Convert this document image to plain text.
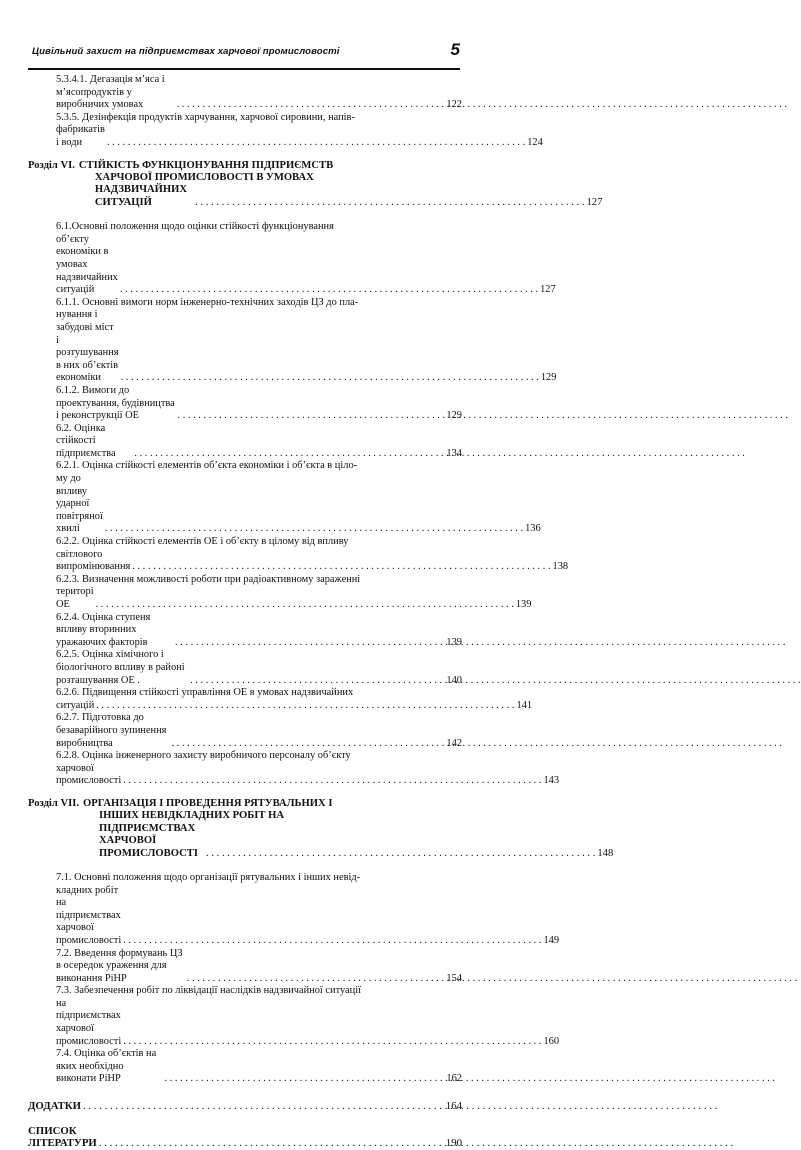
Цивільний захист на підприємствах харчової промисловості	5
5.3.4.1. Дегазація м’яса і м’ясопродуктів у виробничих умовах . . .	122
5.3.5. Дезінфекція продуктів харчування, харчової сировини, напів-
фабрикатів і води . . .	124
Розділ VI. СТІЙКІСТЬ ФУНКЦІОНУВАННЯ ПІДПРИЄМСТВ
ХАРЧОВОЇ ПРОМИСЛОВОСТІ В УМОВАХ
НАДЗВИЧАЙНИХ СИТУАЦІЙ . . .	127
6.1.Основні положення щодо оцінки стійкості функціонування
об’єкту економіки в умовах надзвичайних ситуацій . . .	127
6.1.1. Основні вимоги норм інженерно-технічних заходів ЦЗ до пла-
нування і забудові міст і розтушування в них об’єктів економіки . . .	129
6.1.2. Вимоги до проектування, будівництва і реконструкції ОЕ . . .	129
6.2. Оцінка стійкості підприємства . . .	134
6.2.1. Оцінка стійкості елементів об’єкта економіки і об’єкта в ціло-
му до впливу ударної повітряної хвилі . . .	136
6.2.2. Оцінка стійкості елементів ОЕ і об’єкту в цілому від впливу
світлового випромінювання . . .	138
6.2.3. Визначення можливості роботи при радіоактивному зараженні
територі ОЕ . . .	139
6.2.4. Оцінка ступеня впливу вторинних уражаючих факторів . . .	139
6.2.5. Оцінка хімічного і біологічного впливу в районі розташування ОЕ . . . .	140
6.2.6. Підвищення стійкості управління ОЕ в умовах надзвичайних
ситуацій . . .	141
6.2.7. Підготовка до безаварійного зупинення виробництва . . .	142
6.2.8. Оцінка інженерного захисту виробничого персоналу об’єкту
харчової промисловості . . .	143
Розділ VII. ОРГАНІЗАЦІЯ І ПРОВЕДЕННЯ РЯТУВАЛЬНИХ І
ІНШИХ НЕВІДКЛАДНИХ РОБІТ НА
ПІДПРИЄМСТВАХ ХАРЧОВОЇ ПРОМИСЛОВОСТІ . . .	148
7.1. Основні положення щодо організації рятувальних і інших невід-
кладних робіт на підприємствах харчової промисловості . . .	149
7.2. Введення формувань ЦЗ в осередок ураження для виконання РіНР . . .	154
7.3. Забезпечення робіт по ліквідації наслідків надзвичайної ситуації
на підприємствах харчової промисловості . . .	160
7.4. Оцінка об’єктів на яких необхідно виконати РіНР . . .	162
ДОДАТКИ . . .	164
СПИСОК ЛІТЕРАТУРИ . . .	190
